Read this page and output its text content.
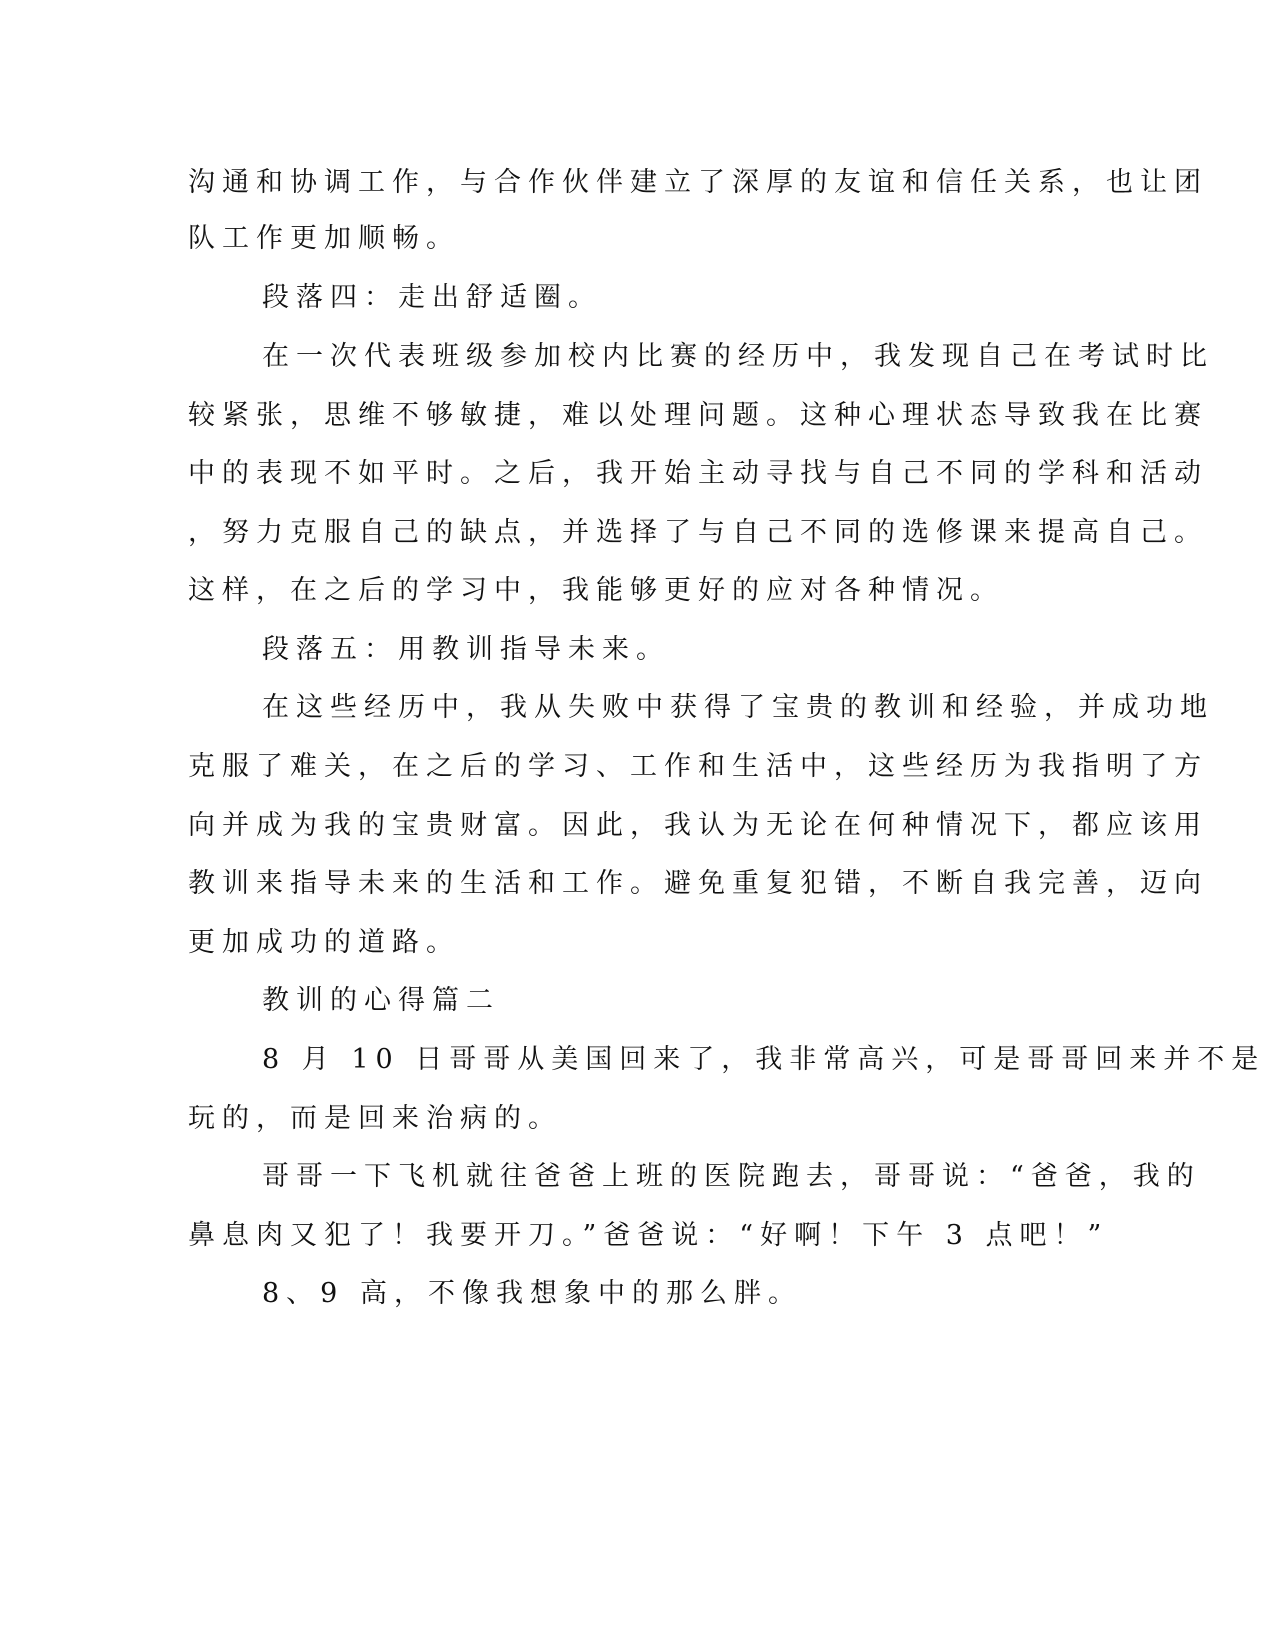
沟通和协调工作，与合作伙伴建立了深厚的友谊和信任关系，也让团
队工作更加顺畅。
段落四：走出舒适圈。
在一次代表班级参加校内比赛的经历中，我发现自己在考试时比
较紧张，思维不够敏捷，难以处理问题。这种心理状态导致我在比赛
中的表现不如平时。之后，我开始主动寻找与自己不同的学科和活动
，努力克服自己的缺点，并选择了与自己不同的选修课来提高自己。
这样，在之后的学习中，我能够更好的应对各种情况。
段落五：用教训指导未来。
在这些经历中，我从失败中获得了宝贵的教训和经验，并成功地
克服了难关，在之后的学习、工作和生活中，这些经历为我指明了方
向并成为我的宝贵财富。因此，我认为无论在何种情况下，都应该用
教训来指导未来的生活和工作。避免重复犯错，不断自我完善，迈向
更加成功的道路。
教训的心得篇二
8 月 10 日哥哥从美国回来了，我非常高兴，可是哥哥回来并不是
玩的，而是回来治病的。
哥哥一下飞机就往爸爸上班的医院跑去，哥哥说：“爸爸，我的
鼻息肉又犯了！我要开刀。”爸爸说：“好啊！下午 3 点吧！”
8、9 高，不像我想象中的那么胖。
